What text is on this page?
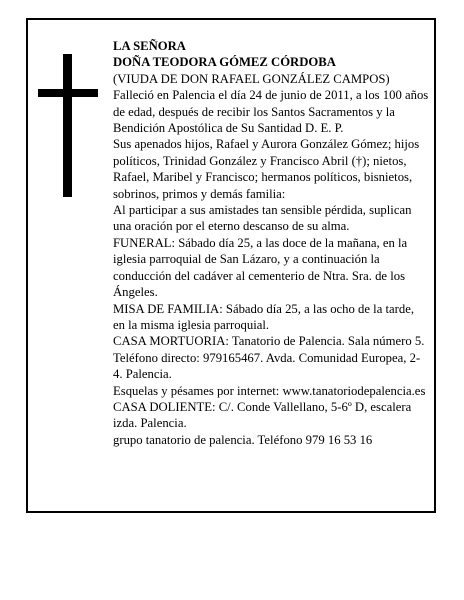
LA SEÑORA

DOÑA TEODORA GÓMEZ CÓRDOBA

(VIUDA DE DON RAFAEL GONZÁLEZ CAMPOS)

Falleció en Palencia el día 24 de junio de 2011, a los 100 años de edad, después de recibir los Santos Sacramentos y la Bendición Apostólica de Su Santidad D. E. P.

Sus apenados hijos, Rafael y Aurora González Gómez; hijos políticos, Trinidad González y Francisco Abril (†); nietos, Rafael, Maribel y Francisco; hermanos políticos, bisnietos, sobrinos, primos y demás familia:

Al participar a sus amistades tan sensible pérdida, suplican una oración por el eterno descanso de su alma.

FUNERAL: Sábado día 25, a las doce de la mañana, en la iglesia parroquial de San Lázaro, y a continuación la conducción del cadáver al cementerio de Ntra. Sra. de los Ángeles.

MISA DE FAMILIA: Sábado día 25, a las ocho de la tarde, en la misma iglesia parroquial.

CASA MORTUORIA: Tanatorio de Palencia. Sala número 5. Teléfono directo: 979165467. Avda. Comunidad Europea, 2-4. Palencia.

Esquelas y pésames por internet: www.tanatoriodepalencia.es

CASA DOLIENTE: C/. Conde Vallellano, 5-6º D, escalera izda. Palencia.

grupo tanatorio de palencia. Teléfono 979 16 53 16
